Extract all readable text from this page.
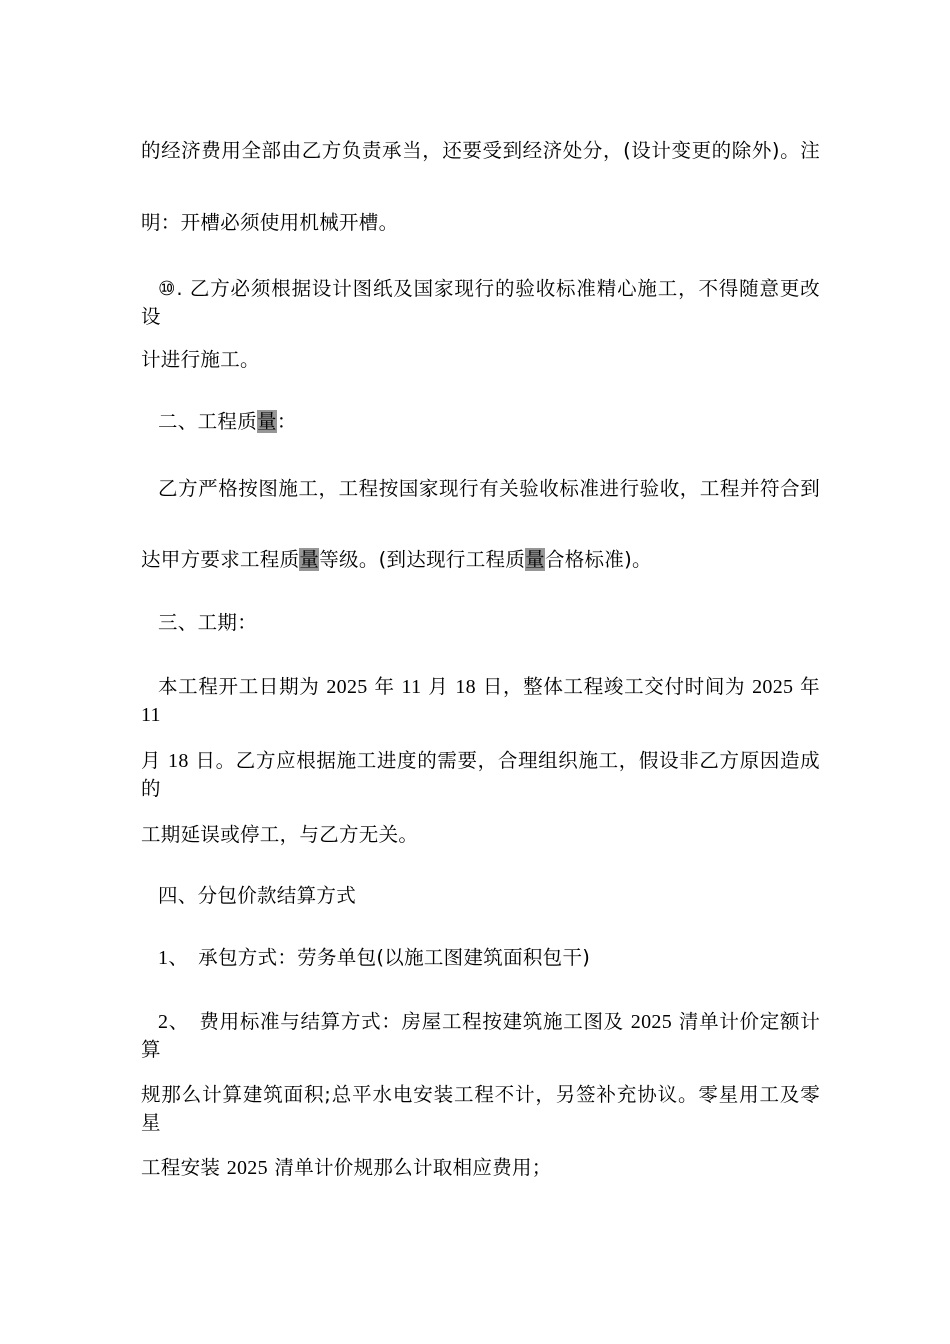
的经济费用全部由乙方负责承当，还要受到经济处分，(设计变更的除外)。注
明：开槽必须使用机械开槽。
⑩. 乙方必须根据设计图纸及国家现行的验收标准精心施工，不得随意更改设
计进行施工。
二、工程质量：
乙方严格按图施工，工程按国家现行有关验收标准进行验收，工程并符合到
达甲方要求工程质量等级。(到达现行工程质量合格标准)。
三、工期：
本工程开工日期为 2025 年 11 月 18 日，整体工程竣工交付时间为 2025 年 11
月 18 日。乙方应根据施工进度的需要，合理组织施工，假设非乙方原因造成的
工期延误或停工，与乙方无关。
四、分包价款结算方式
1、　承包方式：劳务单包(以施工图建筑面积包干)
2、　费用标准与结算方式：房屋工程按建筑施工图及 2025 清单计价定额计算
规那么计算建筑面积;总平水电安装工程不计，另签补充协议。零星用工及零星
工程安装 2025 清单计价规那么计取相应费用；
